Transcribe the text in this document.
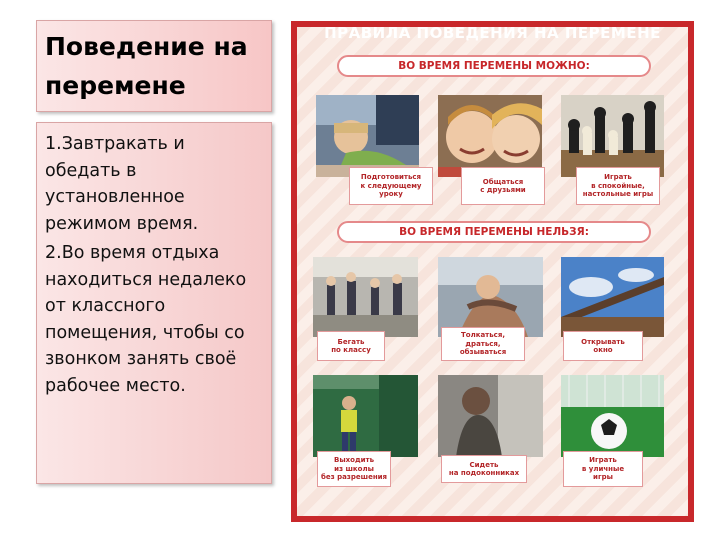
Поведение на перемене

1.Завтракать и обедать в установленное режимом время.

2.Во время отдыха находиться недалеко от классного помещения, чтобы со звонком занять своё рабочее место.

ПРАВИЛА ПОВЕДЕНИЯ НА ПЕРЕМЕНЕ
ВО ВРЕМЯ ПЕРЕМЕНЫ МОЖНО:
Подготовиться
к следующему
уроку
Общаться
с друзьями
Играть
в спокойные,
настольные игры
ВО ВРЕМЯ ПЕРЕМЕНЫ НЕЛЬЗЯ:
Бегать
по классу
Толкаться,
драться,
обзываться
Открывать
окно
Выходить
из школы
без разрешения
Сидеть
на подоконниках
Играть
в уличные
игры
